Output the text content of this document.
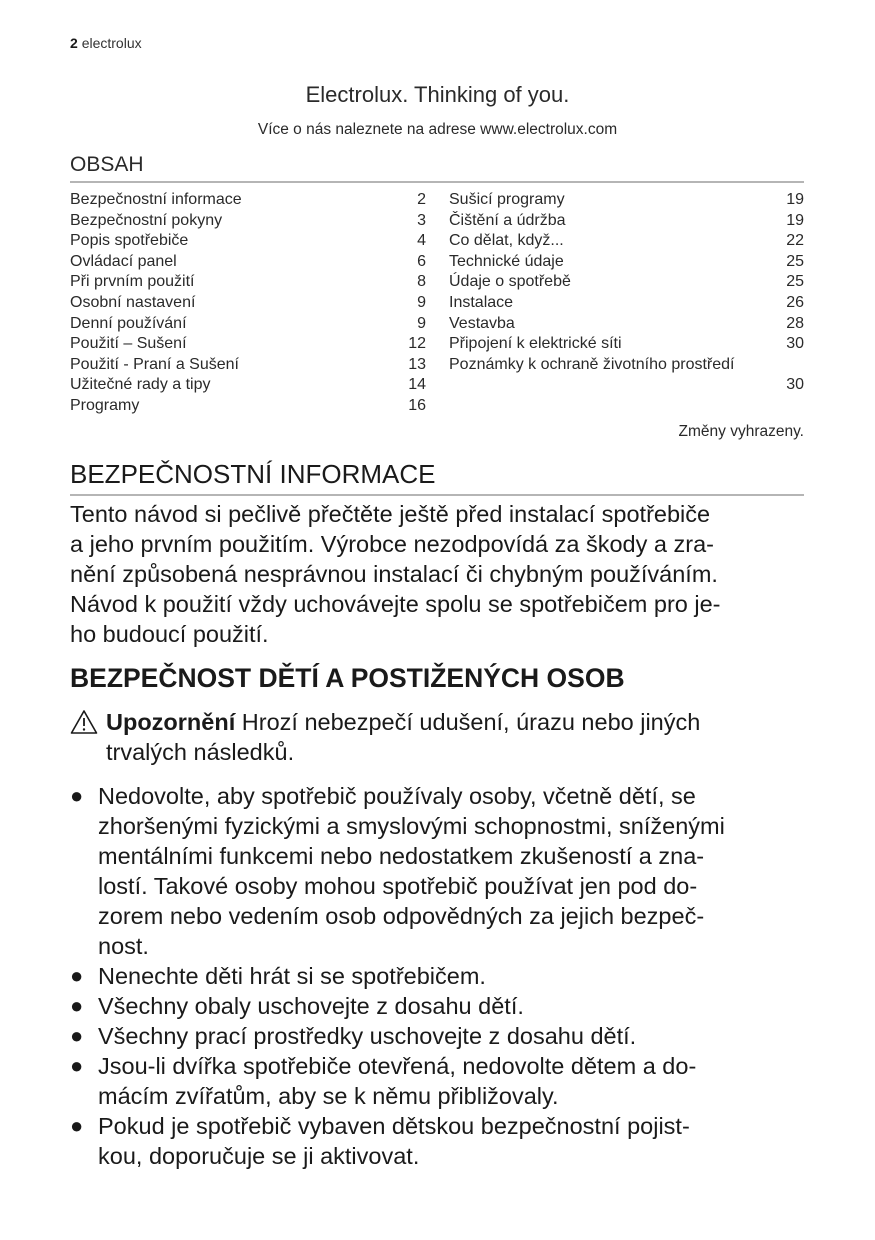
2 electrolux
Electrolux. Thinking of you.
Více o nás naleznete na adrese www.electrolux.com
OBSAH
Bezpečnostní informace	2
Bezpečnostní pokyny	3
Popis spotřebiče	4
Ovládací panel	6
Při prvním použití	8
Osobní nastavení	9
Denní používání	9
Použití – Sušení	12
Použití - Praní a Sušení	13
Užitečné rady a tipy	14
Programy	16
Sušicí programy	19
Čištění a údržba	19
Co dělat, když...	22
Technické údaje	25
Údaje o spotřebě	25
Instalace	26
Vestavba	28
Připojení k elektrické síti	30
Poznámky k ochraně životního prostředí
30
Změny vyhrazeny.
BEZPEČNOSTNÍ INFORMACE
Tento návod si pečlivě přečtěte ještě před instalací spotřebiče
a jeho prvním použitím. Výrobce nezodpovídá za škody a zra-
nění způsobená nesprávnou instalací či chybným používáním.
Návod k použití vždy uchovávejte spolu se spotřebičem pro je-
ho budoucí použití.
BEZPEČNOST DĚTÍ A POSTIŽENÝCH OSOB
Upozornění Hrozí nebezpečí udušení, úrazu nebo jiných
trvalých následků.
● Nedovolte, aby spotřebič používaly osoby, včetně dětí, se
zhoršenými fyzickými a smyslovými schopnostmi, sníženými
mentálními funkcemi nebo nedostatkem zkušeností a zna-
lostí. Takové osoby mohou spotřebič používat jen pod do-
zorem nebo vedením osob odpovědných za jejich bezpeč-
nost.
● Nenechte děti hrát si se spotřebičem.
● Všechny obaly uschovejte z dosahu dětí.
● Všechny prací prostředky uschovejte z dosahu dětí.
● Jsou-li dvířka spotřebiče otevřená, nedovolte dětem a do-
mácím zvířatům, aby se k němu přibližovaly.
● Pokud je spotřebič vybaven dětskou bezpečnostní pojist-
kou, doporučuje se ji aktivovat.
